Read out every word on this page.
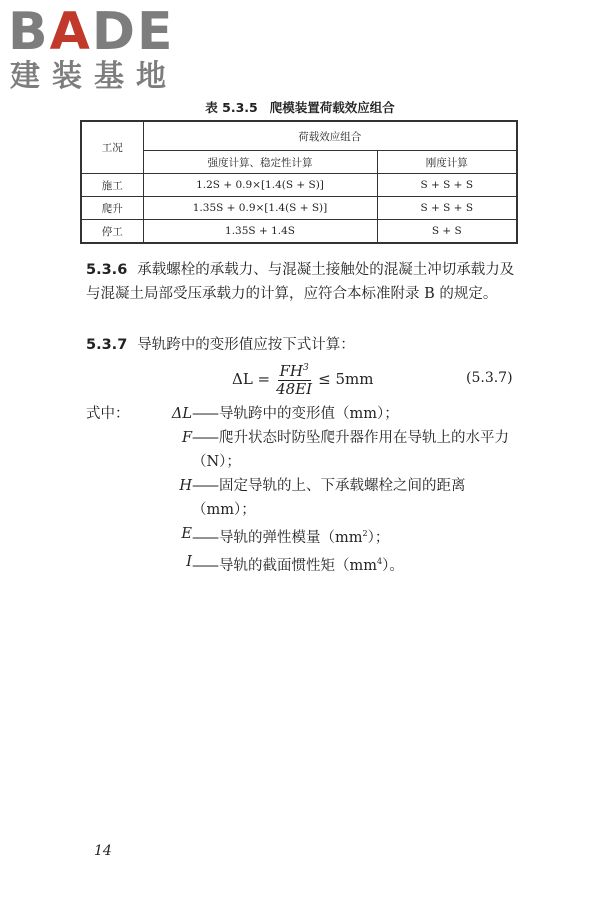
BADE
建装基地
表 5.3.5 爬模装置荷载效应组合
工况	荷载效应组合	
	强度计算、稳定性计算	刚度计算
施工	1.2S + 0.9×[1.4(S + S)]	S + S + S
爬升	1.35S + 0.9×[1.4(S + S)]	S + S + S
停工	1.35S + 1.4S	S + S
5.3.6 承载螺栓的承载力、与混凝土接触处的混凝土冲切承载力及与混凝土局部受压承载力的计算，应符合本标准附录 B 的规定。
5.3.7 导轨跨中的变形值应按下式计算：
$\Delta L = \frac{FH^3}{48EI} \le 5mm$	(5.3.7)
式中：	ΔL —— 导轨跨中的变形值（mm）；
F —— 爬升状态时防坠爬升器作用在导轨上的水平力（N）；
H —— 固定导轨的上、下承载螺栓之间的距离（mm）；
E —— 导轨的弹性模量$(mm^2)$；
I —— 导轨的截面惯性矩$(mm^4)$。
14
